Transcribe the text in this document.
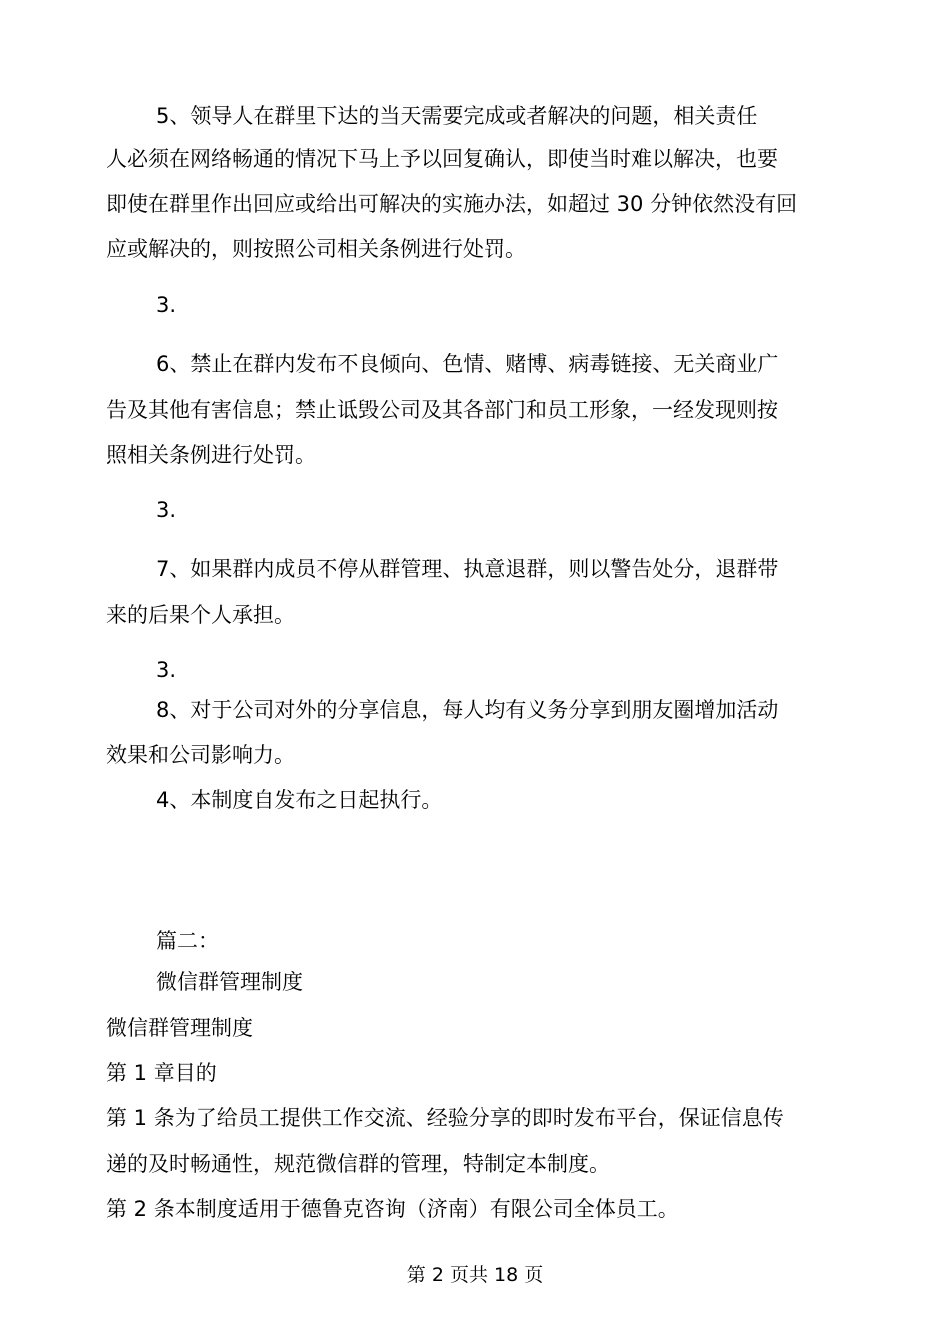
5、领导人在群里下达的当天需要完成或者解决的问题，相关责任
人必须在网络畅通的情况下马上予以回复确认，即使当时难以解决，也要
即使在群里作出回应或给出可解决的实施办法，如超过 30 分钟依然没有回
应或解决的，则按照公司相关条例进行处罚。
3.
6、禁止在群内发布不良倾向、色情、赌博、病毒链接、无关商业广
告及其他有害信息；禁止诋毁公司及其各部门和员工形象，一经发现则按
照相关条例进行处罚。
3.
7、如果群内成员不停从群管理、执意退群，则以警告处分，退群带
来的后果个人承担。
3.
8、对于公司对外的分享信息，每人均有义务分享到朋友圈增加活动
效果和公司影响力。
4、本制度自发布之日起执行。
篇二：
微信群管理制度
微信群管理制度
第 1 章目的
第 1 条为了给员工提供工作交流、经验分享的即时发布平台，保证信息传
递的及时畅通性，规范微信群的管理，特制定本制度。
第 2 条本制度适用于德鲁克咨询（济南）有限公司全体员工。
第 2 页共 18 页
